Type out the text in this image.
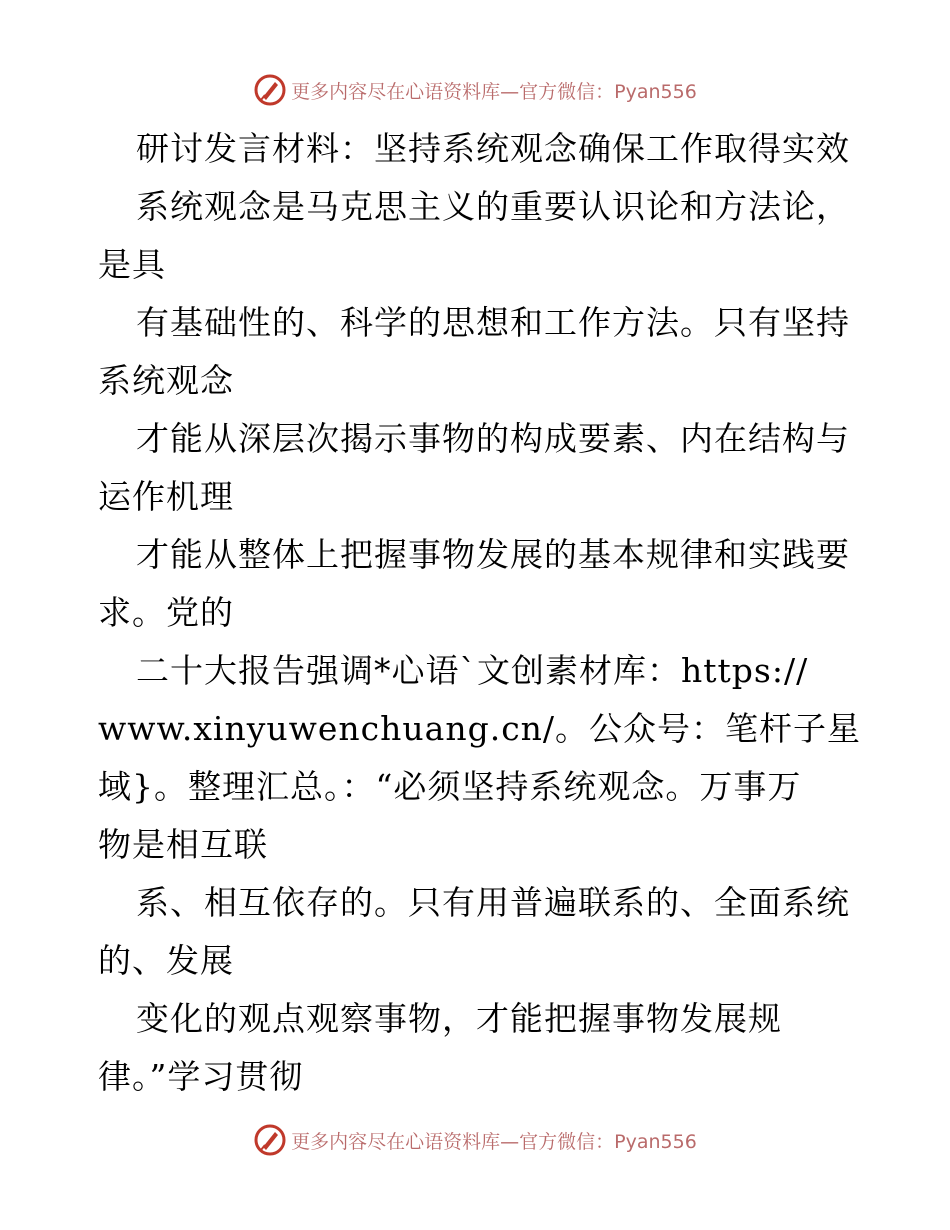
更多内容尽在心语资料库—官方微信：Pyan556
研讨发言材料：坚持系统观念确保工作取得实效
系统观念是马克思主义的重要认识论和方法论，
是具
有基础性的、科学的思想和工作方法。只有坚持
系统观念
才能从深层次揭示事物的构成要素、内在结构与
运作机理
才能从整体上把握事物发展的基本规律和实践要
求。党的
二十大报告强调*心语`文创素材库：https://
www.xinyuwenchuang.cn/。公众号：笔杆子星
域}。整理汇总。：“必须坚持系统观念。万事万
物是相互联
系、相互依存的。只有用普遍联系的、全面系统
的、发展
变化的观点观察事物，才能把握事物发展规
律。”学习贯彻
更多内容尽在心语资料库—官方微信：Pyan556
